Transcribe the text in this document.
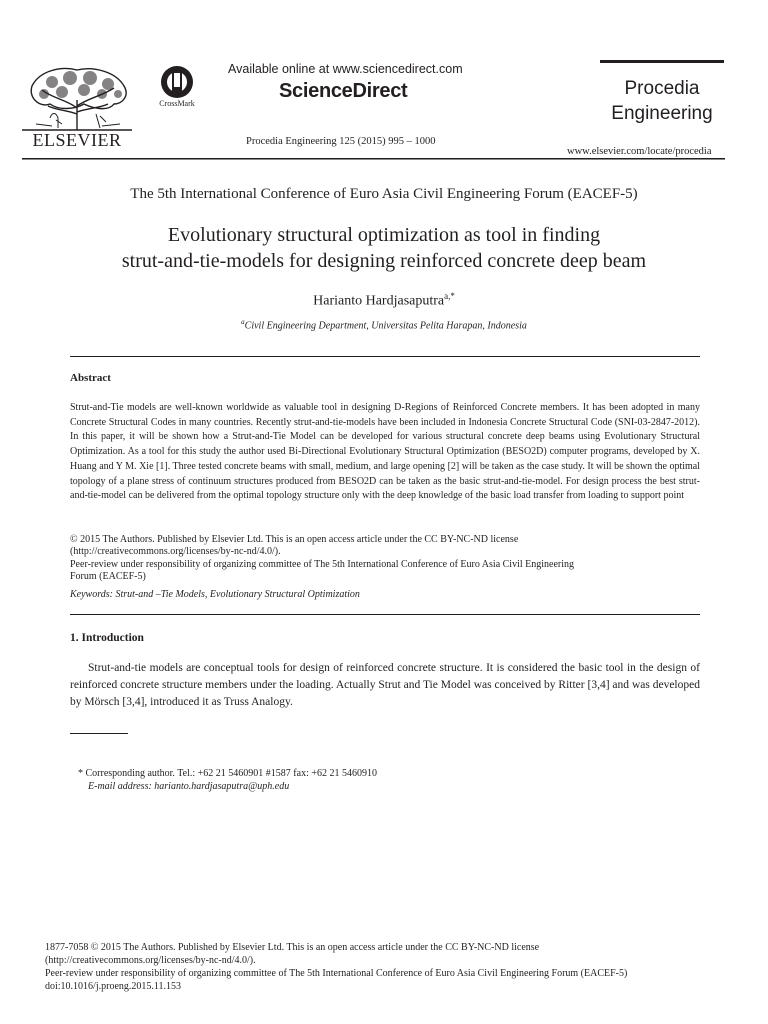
ELSEVIER
CrossMark
Available online at www.sciencedirect.com
ScienceDirect
Procedia Engineering 125 (2015) 995 – 1000
Procedia
Engineering
www.elsevier.com/locate/procedia
The 5th International Conference of Euro Asia Civil Engineering Forum (EACEF-5)
Evolutionary structural optimization as tool in finding
strut-and-tie-models for designing reinforced concrete deep beam
Harianto Hardjasaputra$^{a,*}$
$^a$Civil Engineering Department, Universitas Pelita Harapan, Indonesia
Abstract
Strut-and-Tie models are well-known worldwide as valuable tool in designing D-Regions of Reinforced Concrete members. It has been adopted in many Concrete Structural Codes in many countries. Recently strut-and-tie-models have been included in Indonesia Concrete Structural Code (SNI-03-2847-2012). In this paper, it will be shown how a Strut-and-Tie Model can be developed for various structural concrete deep beams using Evolutionary Structural Optimization. As a tool for this study the author used Bi-Directional Evolutionary Structural Optimization (BESO2D) computer programs, developed by X. Huang and Y M. Xie [1]. Three tested concrete beams with small, medium, and large opening [2] will be taken as the case study. It will be shown the optimal topology of a plane stress of continuum structures produced from BESO2D can be taken as the basic strut-and-tie-model. For design process the best strut-and-tie-model can be delivered from the optimal topology structure only with the deep knowledge of the basic load transfer from loading to support point
© 2015 The Authors. Published by Elsevier Ltd. This is an open access article under the CC BY-NC-ND license
(http://creativecommons.org/licenses/by-nc-nd/4.0/).
Peer-review under responsibility of organizing committee of The 5th International Conference of Euro Asia Civil Engineering
Forum (EACEF-5)
Keywords: Strut-and –Tie Models, Evolutionary Structural Optimization
1. Introduction
Strut-and-tie models are conceptual tools for design of reinforced concrete structure. It is considered the basic tool in the design of reinforced concrete structure members under the loading. Actually Strut and Tie Model was conceived by Ritter [3,4] and was developed by Mörsch [3,4], introduced it as Truss Analogy.
* Corresponding author. Tel.: +62 21 5460901 #1587 fax: +62 21 5460910
E-mail address: harianto.hardjasaputra@uph.edu
1877-7058 © 2015 The Authors. Published by Elsevier Ltd. This is an open access article under the CC BY-NC-ND license
(http://creativecommons.org/licenses/by-nc-nd/4.0/).
Peer-review under responsibility of organizing committee of The 5th International Conference of Euro Asia Civil Engineering Forum (EACEF-5)
doi:10.1016/j.proeng.2015.11.153
